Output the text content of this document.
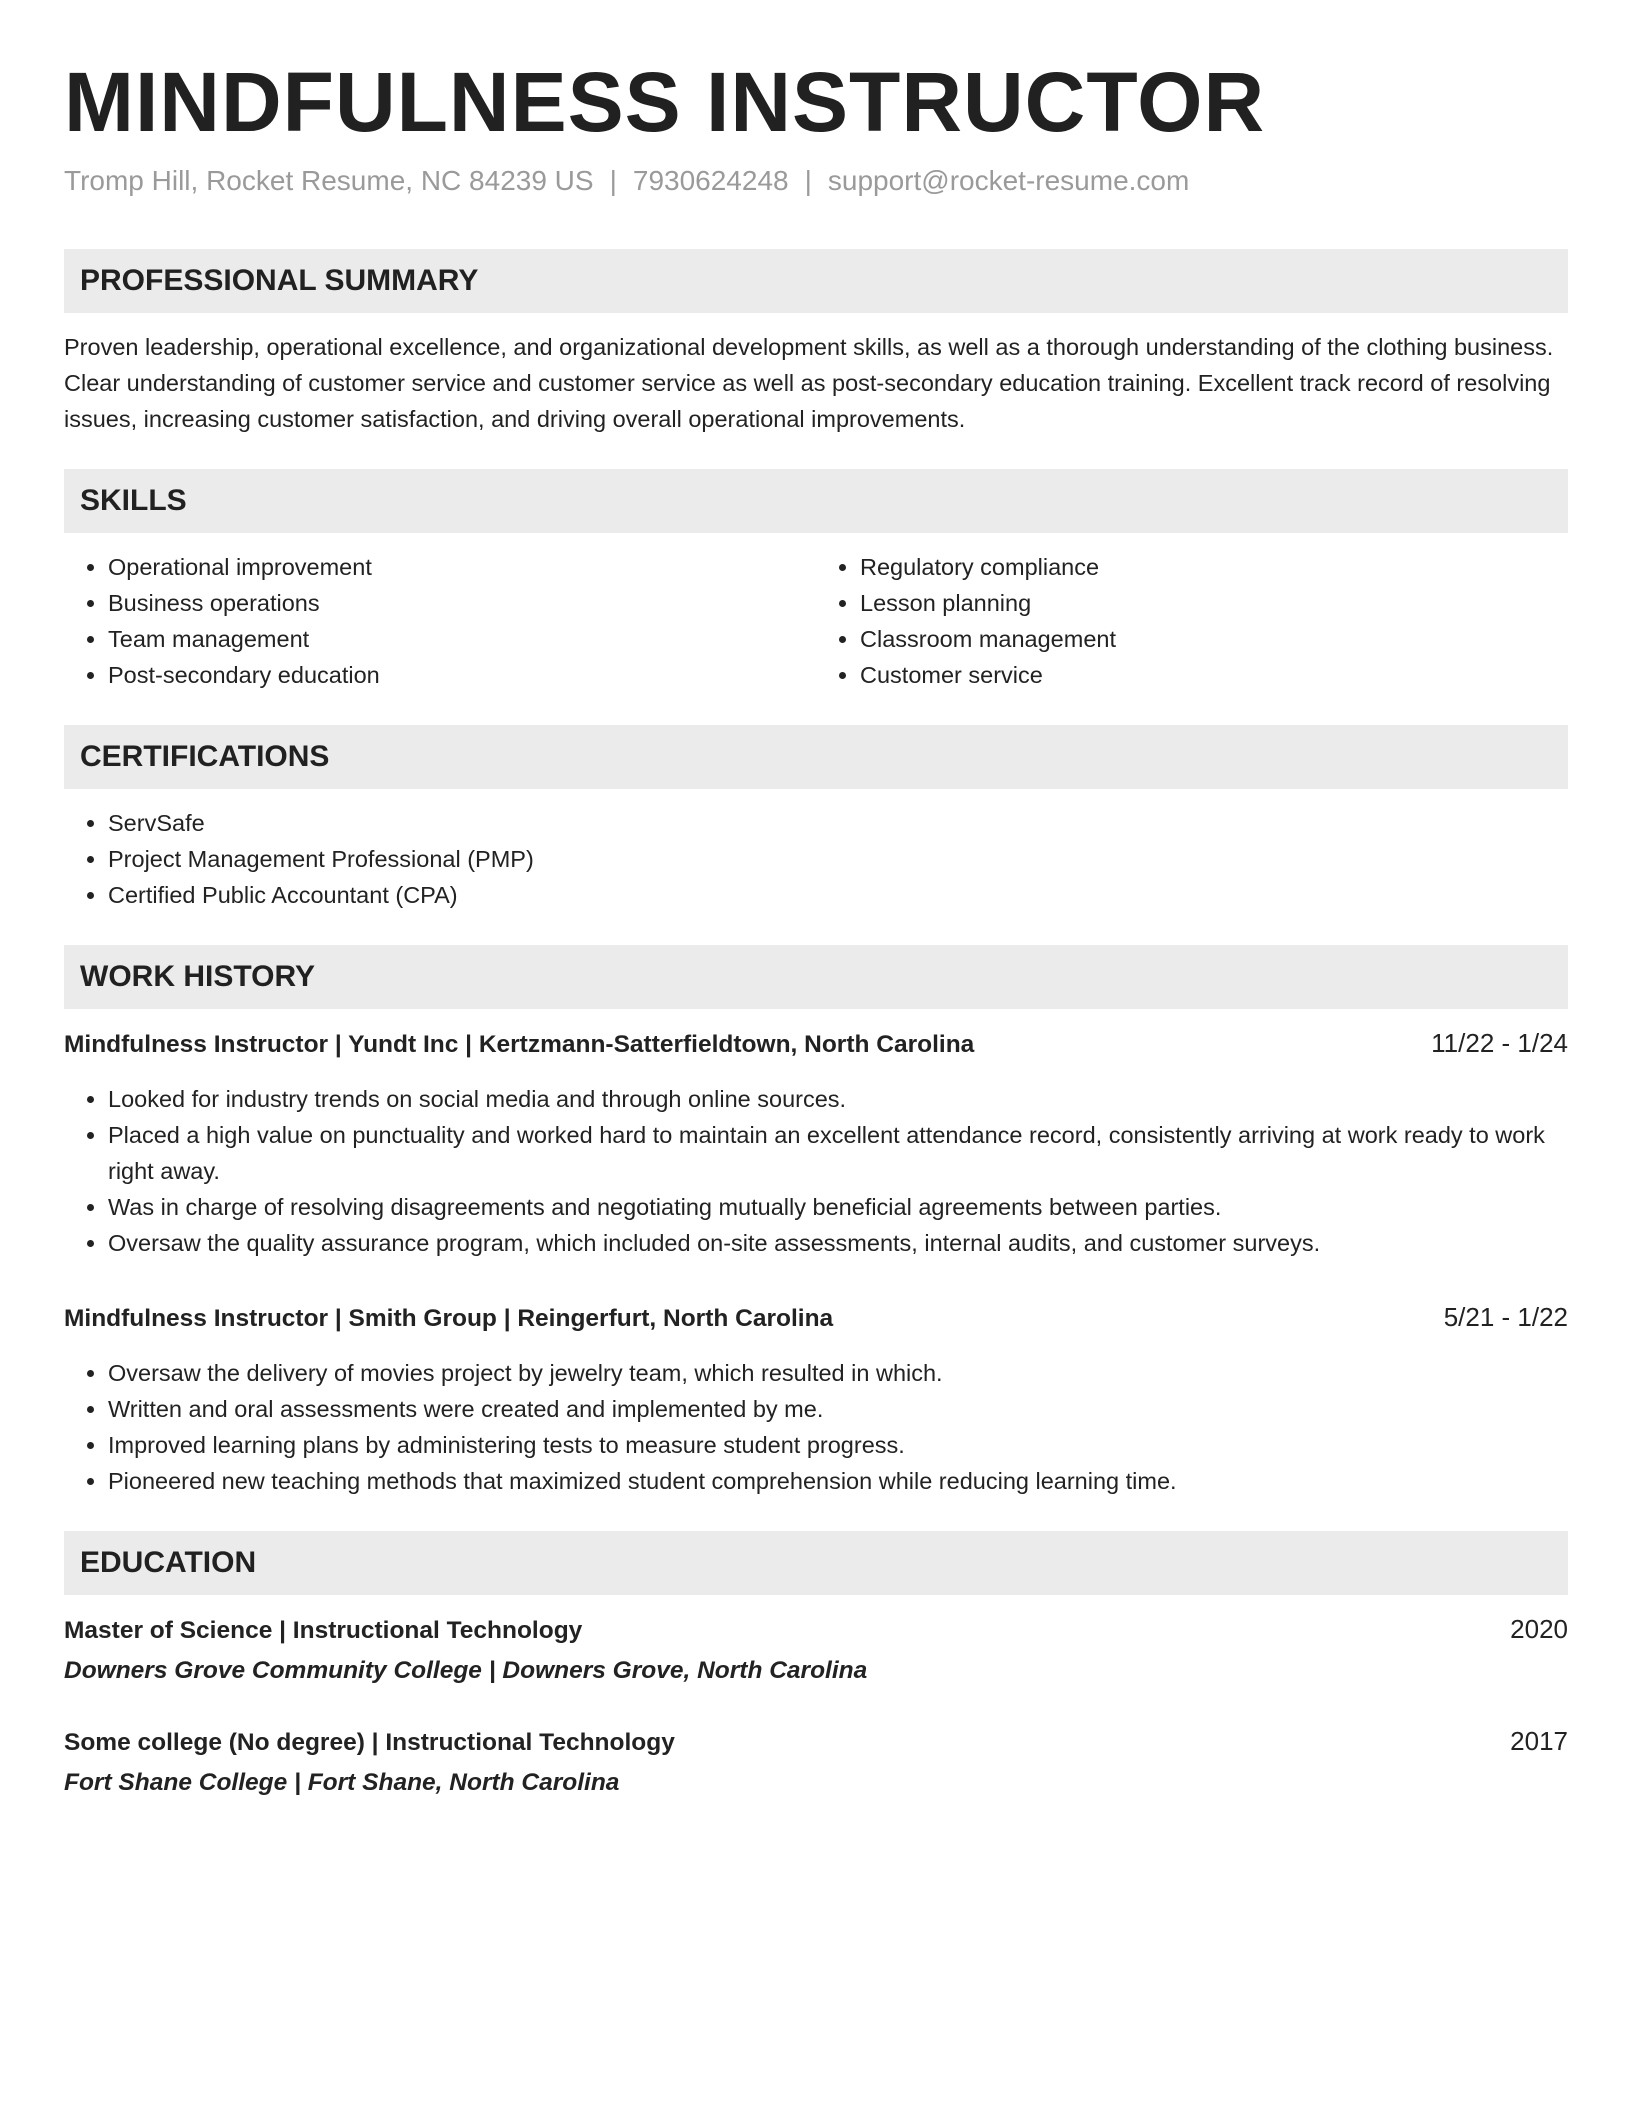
MINDFULNESS INSTRUCTOR
Tromp Hill, Rocket Resume, NC 84239 US | 7930624248 | support@rocket-resume.com
PROFESSIONAL SUMMARY
Proven leadership, operational excellence, and organizational development skills, as well as a thorough understanding of the clothing business. Clear understanding of customer service and customer service as well as post-secondary education training. Excellent track record of resolving issues, increasing customer satisfaction, and driving overall operational improvements.
SKILLS
• Operational improvement
• Business operations
• Team management
• Post-secondary education
• Regulatory compliance
• Lesson planning
• Classroom management
• Customer service
CERTIFICATIONS
• ServSafe
• Project Management Professional (PMP)
• Certified Public Accountant (CPA)
WORK HISTORY
Mindfulness Instructor | Yundt Inc | Kertzmann-Satterfieldtown, North Carolina	11/22 - 1/24
• Looked for industry trends on social media and through online sources.
• Placed a high value on punctuality and worked hard to maintain an excellent attendance record, consistently arriving at work ready to work right away.
• Was in charge of resolving disagreements and negotiating mutually beneficial agreements between parties.
• Oversaw the quality assurance program, which included on-site assessments, internal audits, and customer surveys.
Mindfulness Instructor | Smith Group | Reingerfurt, North Carolina	5/21 - 1/22
• Oversaw the delivery of movies project by jewelry team, which resulted in which.
• Written and oral assessments were created and implemented by me.
• Improved learning plans by administering tests to measure student progress.
• Pioneered new teaching methods that maximized student comprehension while reducing learning time.
EDUCATION
Master of Science | Instructional Technology	2020
Downers Grove Community College | Downers Grove, North Carolina
Some college (No degree) | Instructional Technology	2017
Fort Shane College | Fort Shane, North Carolina
